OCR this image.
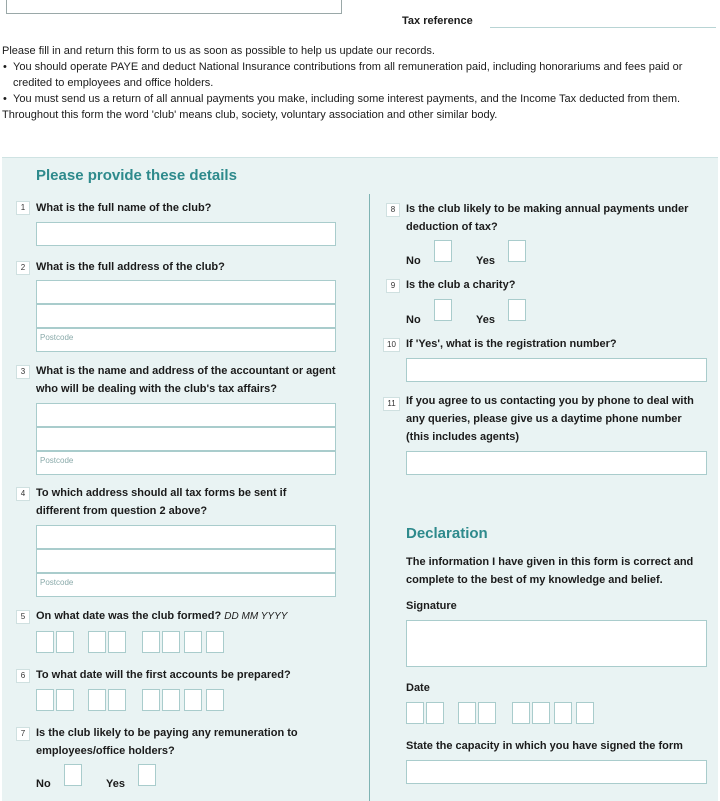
Tax reference

Please fill in and return this form to us as soon as possible to help us update our records.

• You should operate PAYE and deduct National Insurance contributions from all remuneration paid, including honorariums and fees paid or credited to employees and office holders.
• You must send us a return of all annual payments you make, including some interest payments, and the Income Tax deducted from them.

Throughout this form the word 'club' means club, society, voluntary association and other similar body.

Please provide these details
1 What is the full name of the club?
2 What is the full address of the club?
Postcode
3 What is the name and address of the accountant or agent who will be dealing with the club's tax affairs?
Postcode
4 To which address should all tax forms be sent if different from question 2 above?
Postcode
5 On what date was the club formed? DD MM YYYY
6 To what date will the first accounts be prepared?
7 Is the club likely to be paying any remuneration to employees/office holders?
No	Yes
8 Is the club likely to be making annual payments under deduction of tax?
No	Yes
9 Is the club a charity?
No	Yes
10 If 'Yes', what is the registration number?
11 If you agree to us contacting you by phone to deal with any queries, please give us a daytime phone number (this includes agents)
Declaration
The information I have given in this form is correct and complete to the best of my knowledge and belief.
Signature
Date
State the capacity in which you have signed the form
